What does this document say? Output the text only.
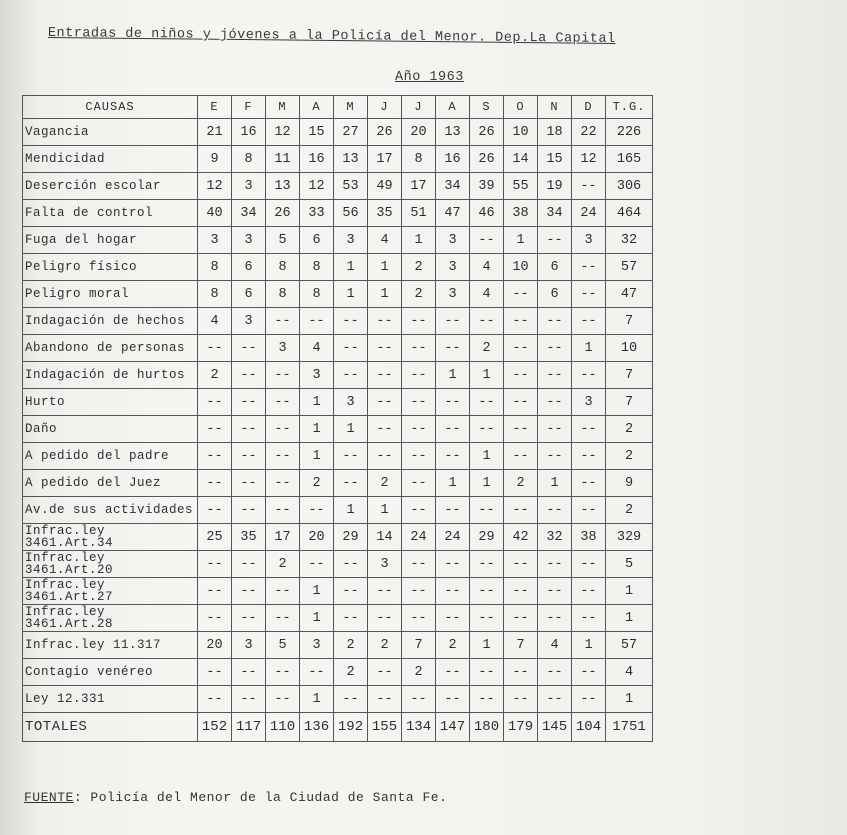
Entradas de niños y jóvenes a la Policía del Menor. Dep.La Capital
Año 1963
CAUSAS	E	F	M	A	M	J	J	A	S	O	N	D	T.G.
Vagancia	21	16	12	15	27	26	20	13	26	10	18	22	226
Mendicidad	9	8	11	16	13	17	8	16	26	14	15	12	165
Deserción escolar	12	3	13	12	53	49	17	34	39	55	19	--	306
Falta de control	40	34	26	33	56	35	51	47	46	38	34	24	464
Fuga del hogar	3	3	5	6	3	4	1	3	--	1	--	3	32
Peligro físico	8	6	8	8	1	1	2	3	4	10	6	--	57
Peligro moral	8	6	8	8	1	1	2	3	4	--	6	--	47
Indagación de hechos	4	3	--	--	--	--	--	--	--	--	--	--	7
Abandono de personas	--	--	3	4	--	--	--	--	2	--	--	1	10
Indagación de hurtos	2	--	--	3	--	--	--	1	1	--	--	--	7
Hurto	--	--	--	1	3	--	--	--	--	--	--	3	7
Daño	--	--	--	1	1	--	--	--	--	--	--	--	2
A pedido del padre	--	--	--	1	--	--	--	--	1	--	--	--	2
A pedido del Juez	--	--	--	2	--	2	--	1	1	2	1	--	9
Av.de sus actividades	--	--	--	--	1	1	--	--	--	--	--	--	2
Infrac.ley 3461.Art.34	25	35	17	20	29	14	24	24	29	42	32	38	329
Infrac.ley 3461.Art.20	--	--	2	--	--	3	--	--	--	--	--	--	5
Infrac.ley 3461.Art.27	--	--	--	1	--	--	--	--	--	--	--	--	1
Infrac.ley 3461.Art.28	--	--	--	1	--	--	--	--	--	--	--	--	1
Infrac.ley 11.317	20	3	5	3	2	2	7	2	1	7	4	1	57
Contagio venéreo	--	--	--	--	2	--	2	--	--	--	--	--	4
Ley 12.331	--	--	--	1	--	--	--	--	--	--	--	--	1
TOTALES	152	117	110	136	192	155	134	147	180	179	145	104	1751
FUENTE: Policía del Menor de la Ciudad de Santa Fe.
